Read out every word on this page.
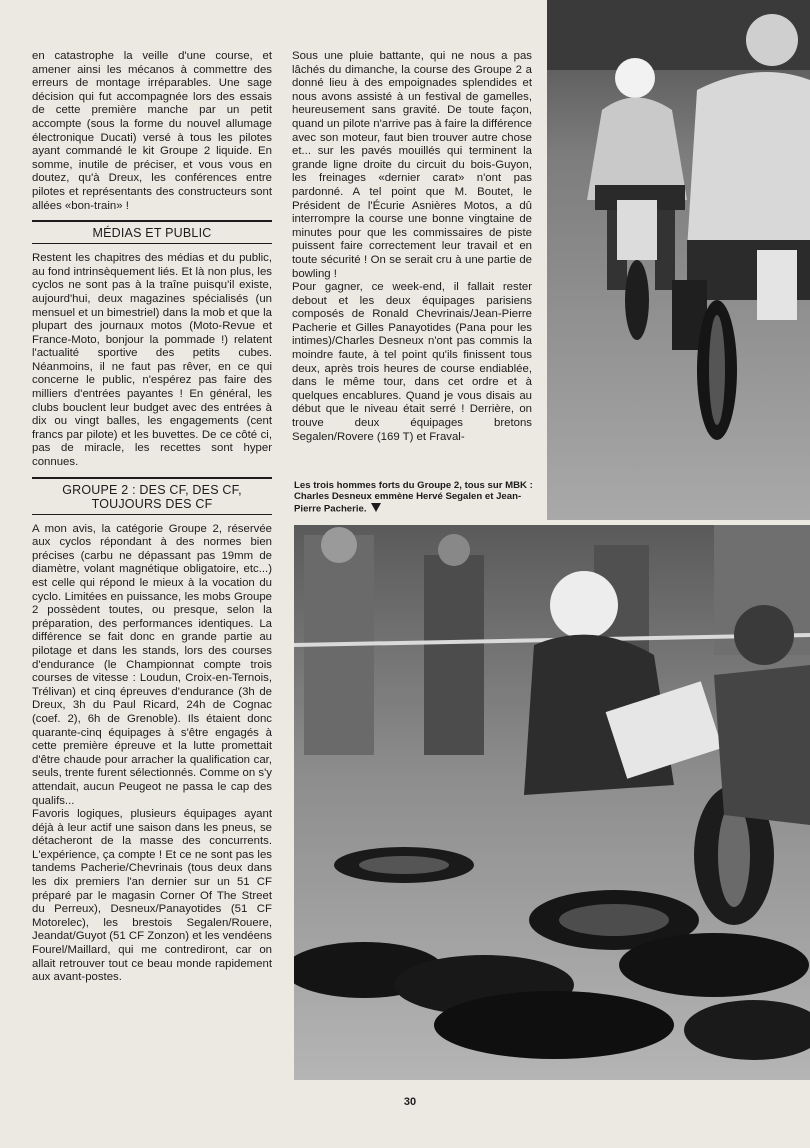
en catastrophe la veille d'une course, et amener ainsi les mécanos à commettre des erreurs de montage irréparables. Une sage décision qui fut accompagnée lors des essais de cette première manche par un petit accompte (sous la forme du nouvel allumage électronique Ducati) versé à tous les pilotes ayant commandé le kit Groupe 2 liquide. En somme, inutile de préciser, et vous vous en doutez, qu'à Dreux, les conférences entre pilotes et représentants des constructeurs sont allées «bon-train» !

MÉDIAS ET PUBLIC

Restent les chapitres des médias et du public, au fond intrinsèquement liés. Et là non plus, les cyclos ne sont pas à la traîne puisqu'il existe, aujourd'hui, deux magazines spécialisés (un mensuel et un bimestriel) dans la mob et que la plupart des journaux motos (Moto-Revue et France-Moto, bonjour la pommade !) relatent l'actualité sportive des petits cubes. Néanmoins, il ne faut pas rêver, en ce qui concerne le public, n'espérez pas faire des milliers d'entrées payantes ! En général, les clubs bouclent leur budget avec des entrées à dix ou vingt balles, les engagements (cent francs par pilote) et les buvettes. De ce côté ci, pas de miracle, les recettes sont hyper connues.

GROUPE 2 : DES CF, DES CF, TOUJOURS DES CF

A mon avis, la catégorie Groupe 2, réservée aux cyclos répondant à des normes bien précises (carbu ne dépassant pas 19mm de diamètre, volant magnétique obligatoire, etc...) est celle qui répond le mieux à la vocation du cyclo. Limitées en puissance, les mobs Groupe 2 possèdent toutes, ou presque, selon la préparation, des performances identiques. La différence se fait donc en grande partie au pilotage et dans les stands, lors des courses d'endurance (le Championnat compte trois courses de vitesse : Loudun, Croix-en-Ternois, Trélivan) et cinq épreuves d'endurance (3h de Dreux, 3h du Paul Ricard, 24h de Cognac (coef. 2), 6h de Grenoble). Ils étaient donc quarante-cinq équipages à s'être engagés à cette première épreuve et la lutte promettait d'être chaude pour arracher la qualification car, seuls, trente furent sélectionnés. Comme on s'y attendait, aucun Peugeot ne passa le cap des qualifs...

Favoris logiques, plusieurs équipages ayant déjà à leur actif une saison dans les pneus, se détacheront de la masse des concurrents. L'expérience, ça compte ! Et ce ne sont pas les tandems Pacherie/Chevrinais (tous deux dans les dix premiers l'an dernier sur un 51 CF préparé par le magasin Corner Of The Street du Perreux), Desneux/Panayotides (51 CF Motorelec), les brestois Segalen/Rouere, Jeandat/Guyot (51 CF Zonzon) et les vendéens Fourel/Maillard, qui me contrediront, car on allait retrouver tout ce beau monde rapidement aux avant-postes.

Sous une pluie battante, qui ne nous a pas lâchés du dimanche, la course des Groupe 2 a donné lieu à des empoignades splendides et nous avons assisté à un festival de gamelles, heureusement sans gravité. De toute façon, quand un pilote n'arrive pas à faire la différence avec son moteur, faut bien trouver autre chose et... sur les pavés mouillés qui terminent la grande ligne droite du circuit du bois-Guyon, les freinages «dernier carat» n'ont pas pardonné. A tel point que M. Boutet, le Président de l'Écurie Asnières Motos, a dû interrompre la course une bonne vingtaine de minutes pour que les commissaires de piste puissent faire correctement leur travail et en toute sécurité ! On se serait cru à une partie de bowling !

Pour gagner, ce week-end, il fallait rester debout et les deux équipages parisiens composés de Ronald Chevrinais/Jean-Pierre Pacherie et Gilles Panayotides (Pana pour les intimes)/Charles Desneux n'ont pas commis la moindre faute, à tel point qu'ils finissent tous deux, après trois heures de course endiablée, dans le même tour, dans cet ordre et à quelques encablures. Quand je vous disais au début que le niveau était serré ! Derrière, on trouve deux équipages bretons Segalen/Rovere (169 T) et Fraval-

Les trois hommes forts du Groupe 2, tous sur MBK : Charles Desneux emmène Hervé Segalen et Jean-Pierre Pacherie.
30
